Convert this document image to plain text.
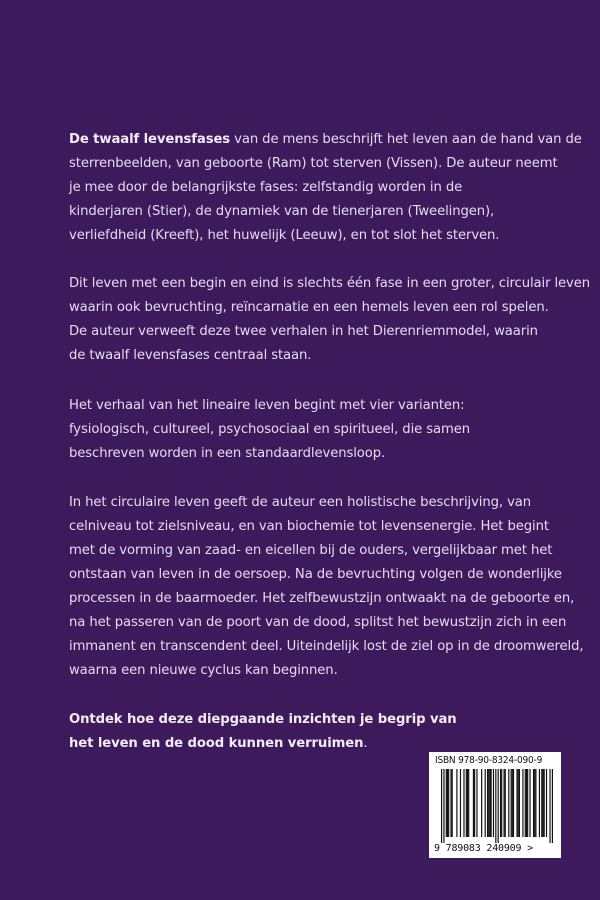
De twaalf levensfases van de mens beschrijft het leven aan de hand van de
sterrenbeelden, van geboorte (Ram) tot sterven (Vissen). De auteur neemt
je mee door de belangrijkste fases: zelfstandig worden in de
kinderjaren (Stier), de dynamiek van de tienerjaren (Tweelingen),
verliefdheid (Kreeft), het huwelijk (Leeuw), en tot slot het sterven.
Dit leven met een begin en eind is slechts één fase in een groter, circulair leven
waarin ook bevruchting, reïncarnatie en een hemels leven een rol spelen.
De auteur verweeft deze twee verhalen in het Dierenriemmodel, waarin
de twaalf levensfases centraal staan.
Het verhaal van het lineaire leven begint met vier varianten:
fysiologisch, cultureel, psychosociaal en spiritueel, die samen
beschreven worden in een standaardlevensloop.
In het circulaire leven geeft de auteur een holistische beschrijving, van
celniveau tot zielsniveau, en van biochemie tot levensenergie. Het begint
met de vorming van zaad- en eicellen bij de ouders, vergelijkbaar met het
ontstaan van leven in de oersoep. Na de bevruchting volgen de wonderlijke
processen in de baarmoeder. Het zelfbewustzijn ontwaakt na de geboorte en,
na het passeren van de poort van de dood, splitst het bewustzijn zich in een
immanent en transcendent deel. Uiteindelijk lost de ziel op in de droomwereld,
waarna een nieuwe cyclus kan beginnen.
Ontdek hoe deze diepgaande inzichten je begrip van
het leven en de dood kunnen verruimen.
ISBN 978-90-8324-090-9
9 789083 240909 >
